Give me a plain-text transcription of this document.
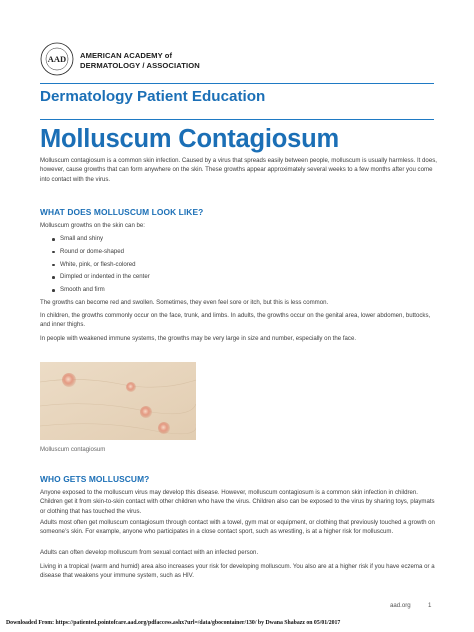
AAD AMERICAN ACADEMY of
DERMATOLOGY / ASSOCIATION
Dermatology Patient Education
Molluscum Contagiosum

Molluscum contagiosum is a common skin infection. Caused by a virus that spreads easily between people, molluscum is usually harmless. It does, however, cause growths that can form anywhere on the skin. These growths appear approximately several weeks to a few months after you come into contact with the virus.

WHAT DOES MOLLUSCUM LOOK LIKE?

Molluscum growths on the skin can be:

Small and shiny
Round or dome-shaped
White, pink, or flesh-colored
Dimpled or indented in the center
Smooth and firm

The growths can become red and swollen. Sometimes, they even feel sore or itch, but this is less common.

In children, the growths commonly occur on the face, trunk, and limbs. In adults, the growths occur on the genital area, lower abdomen, buttocks, and inner thighs.

In people with weakened immune systems, the growths may be very large in size and number, especially on the face.

Molluscum contagiosum
WHO GETS MOLLUSCUM?

Anyone exposed to the molluscum virus may develop this disease. However, molluscum contagiosum is a common skin infection in children. Children get it from skin-to-skin contact with other children who have the virus. Children also can be exposed to the virus by sharing toys, playmats or clothing that has touched the virus.

Adults most often get molluscum contagiosum through contact with a towel, gym mat or equipment, or clothing that previously touched a growth on someone’s skin. For example, anyone who participates in a close contact sport, such as wrestling, is at a higher risk for molluscum.

Adults can often develop molluscum from sexual contact with an infected person.

Living in a tropical (warm and humid) area also increases your risk for developing molluscum. You also are at a higher risk if you have eczema or a disease that weakens your immune system, such as HIV.

aad.org	1
Downloaded From: https://patiented.pointofcare.aad.org/pdfaccess.ashx?url=/data/gbocontainer/130/ by Dwana Shabazz on 05/01/2017
